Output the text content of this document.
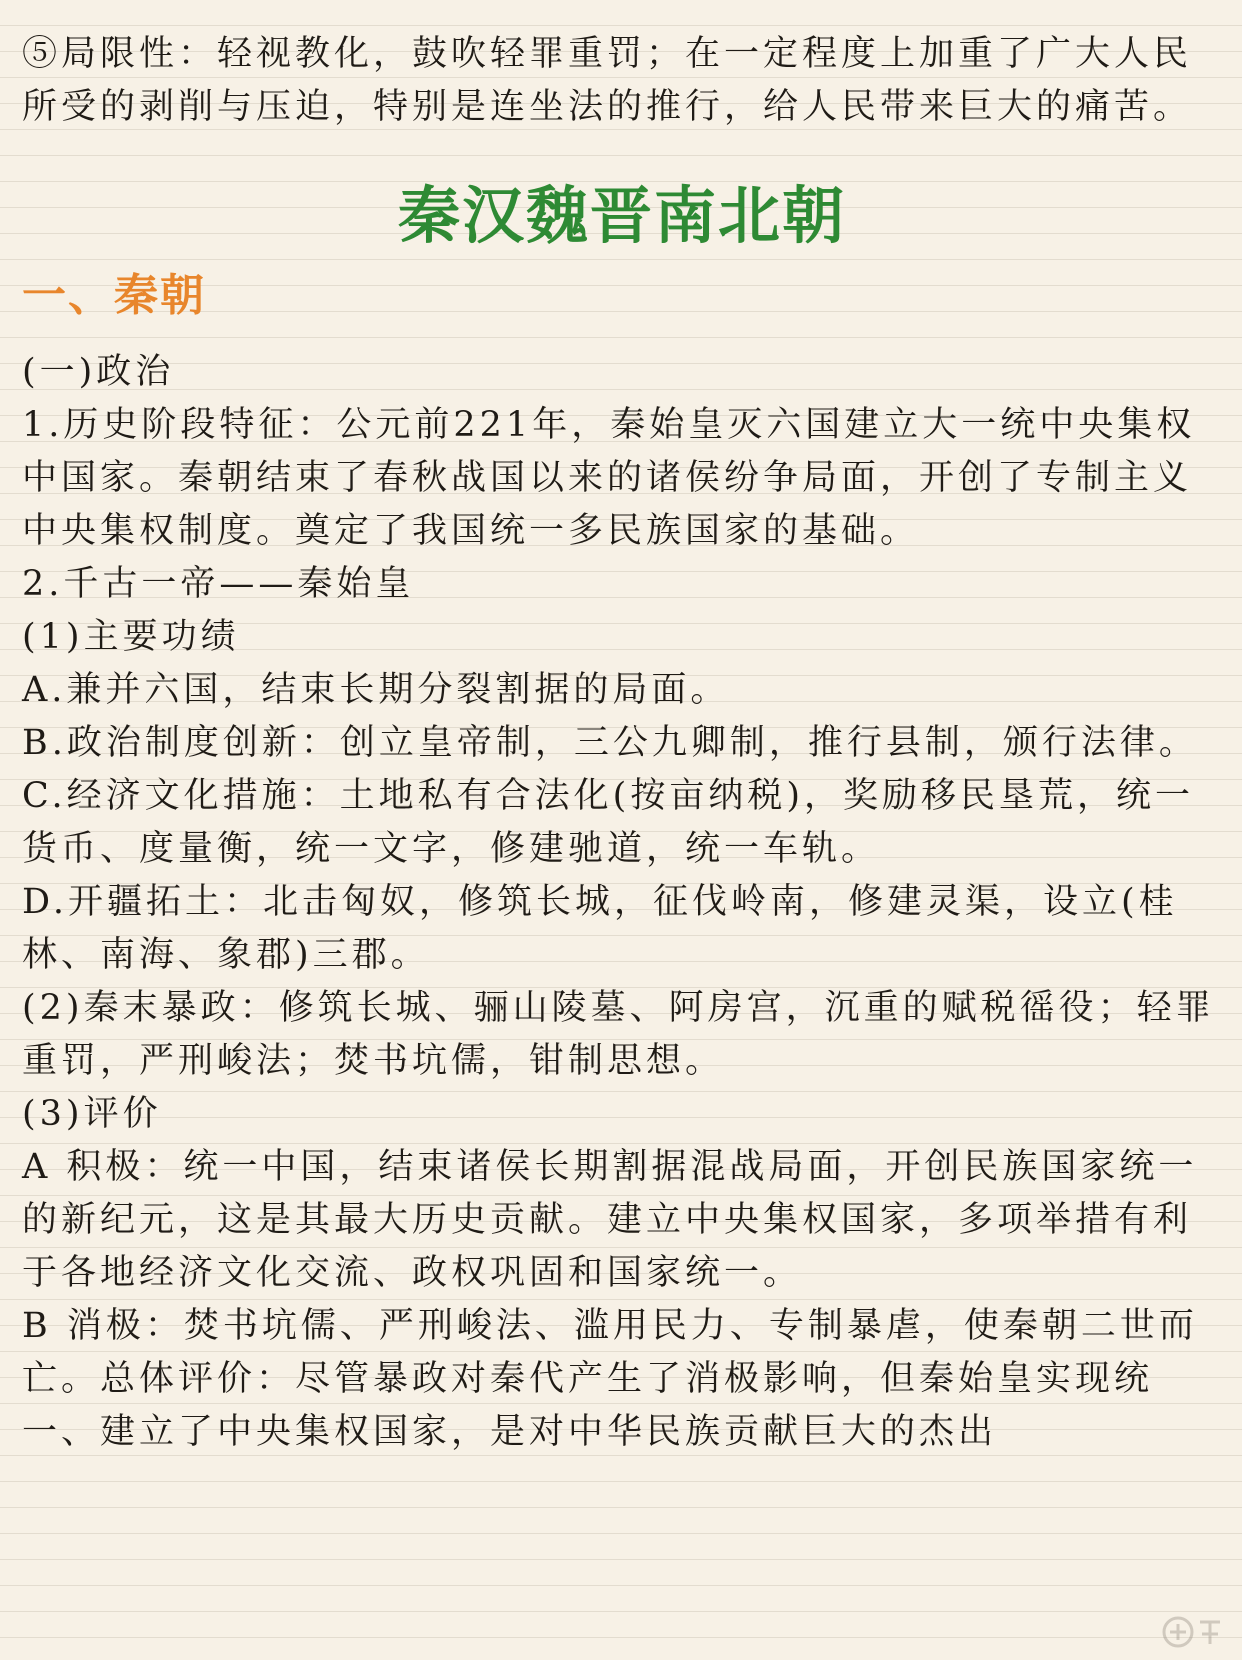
⑤局限性：轻视教化，鼓吹轻罪重罚；在一定程度上加重了广大人民所受的剥削与压迫，特别是连坐法的推行，给人民带来巨大的痛苦。

秦汉魏晋南北朝
一、秦朝

(一)政治

1.历史阶段特征：公元前221年，秦始皇灭六国建立大一统中央集权中国家。秦朝结束了春秋战国以来的诸侯纷争局面，开创了专制主义中央集权制度。奠定了我国统一多民族国家的基础。

2.千古一帝——秦始皇

(1)主要功绩

A.兼并六国，结束长期分裂割据的局面。

B.政治制度创新：创立皇帝制，三公九卿制，推行县制，颁行法律。

C.经济文化措施：土地私有合法化(按亩纳税)，奖励移民垦荒，统一货币、度量衡，统一文字，修建驰道，统一车轨。

D.开疆拓土：北击匈奴，修筑长城，征伐岭南，修建灵渠，设立(桂林、南海、象郡)三郡。

(2)秦末暴政：修筑长城、骊山陵墓、阿房宫，沉重的赋税徭役；轻罪重罚，严刑峻法；焚书坑儒，钳制思想。

(3)评价

A 积极：统一中国，结束诸侯长期割据混战局面，开创民族国家统一的新纪元，这是其最大历史贡献。建立中央集权国家，多项举措有利于各地经济文化交流、政权巩固和国家统一。

B 消极：焚书坑儒、严刑峻法、滥用民力、专制暴虐，使秦朝二世而亡。总体评价：尽管暴政对秦代产生了消极影响，但秦始皇实现统一、建立了中央集权国家，是对中华民族贡献巨大的杰出
